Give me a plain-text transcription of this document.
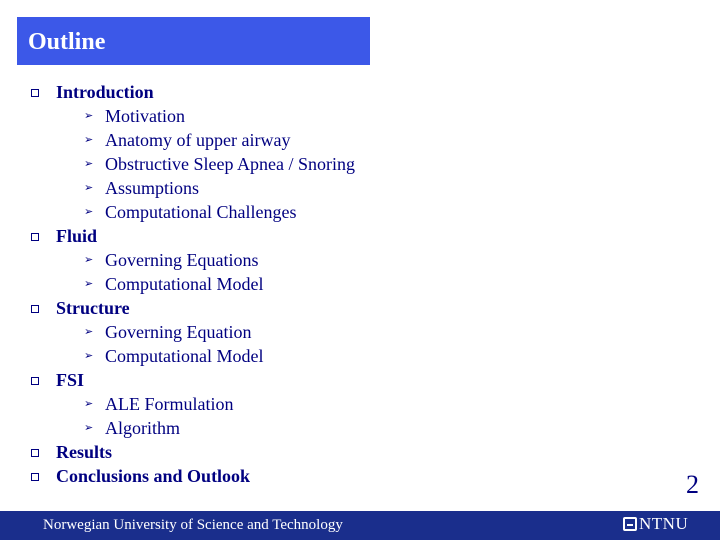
Outline
Introduction
➢ Motivation
➢ Anatomy of upper airway
➢ Obstructive Sleep Apnea / Snoring
➢ Assumptions
➢ Computational Challenges
Fluid
➢ Governing Equations
➢ Computational Model
Structure
➢ Governing Equation
➢ Computational Model
FSI
➢ ALE Formulation
➢ Algorithm
Results
Conclusions and Outlook	2
Norwegian University of Science and Technology	NTNU
